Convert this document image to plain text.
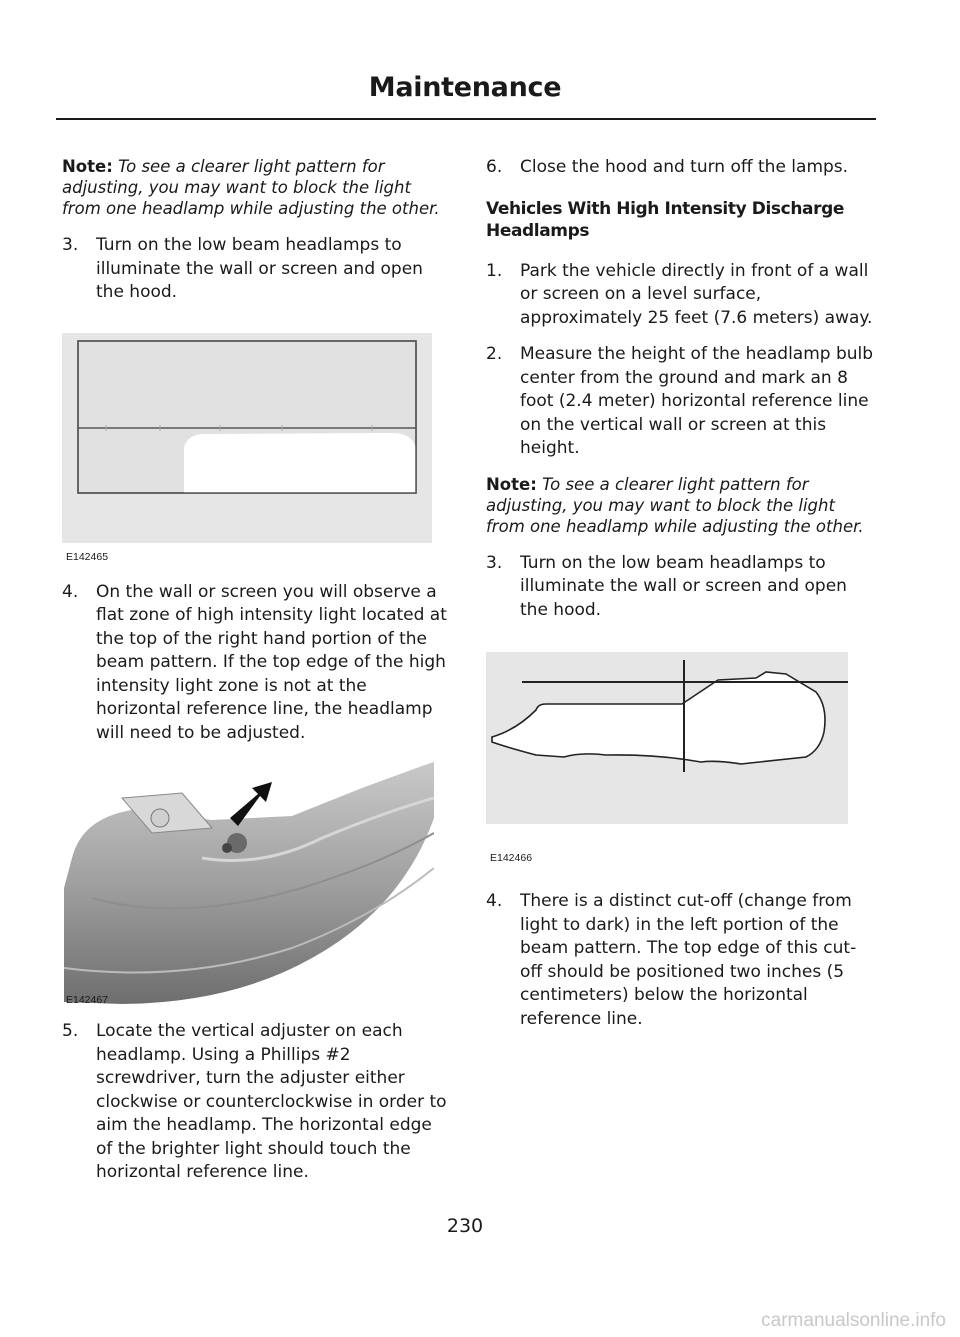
Maintenance

Note: To see a clearer light pattern for adjusting, you may want to block the light from one headlamp while adjusting the other.

3. Turn on the low beam headlamps to illuminate the wall or screen and open the hood.
E142465
4. On the wall or screen you will observe a flat zone of high intensity light located at the top of the right hand portion of the beam pattern. If the top edge of the high intensity light zone is not at the horizontal reference line, the headlamp will need to be adjusted.
E142467
5. Locate the vertical adjuster on each headlamp. Using a Phillips #2 screwdriver, turn the adjuster either clockwise or counterclockwise in order to aim the headlamp. The horizontal edge of the brighter light should touch the horizontal reference line.
6. Close the hood and turn off the lamps.

Vehicles With High Intensity Discharge Headlamps

1. Park the vehicle directly in front of a wall or screen on a level surface, approximately 25 feet (7.6 meters) away.
2. Measure the height of the headlamp bulb center from the ground and mark an 8 foot (2.4 meter) horizontal reference line on the vertical wall or screen at this height.

Note: To see a clearer light pattern for adjusting, you may want to block the light from one headlamp while adjusting the other.

3. Turn on the low beam headlamps to illuminate the wall or screen and open the hood.
E142466
4. There is a distinct cut-off (change from light to dark) in the left portion of the beam pattern. The top edge of this cut-off should be positioned two inches (5 centimeters) below the horizontal reference line.
230
carmanualsonline.info
